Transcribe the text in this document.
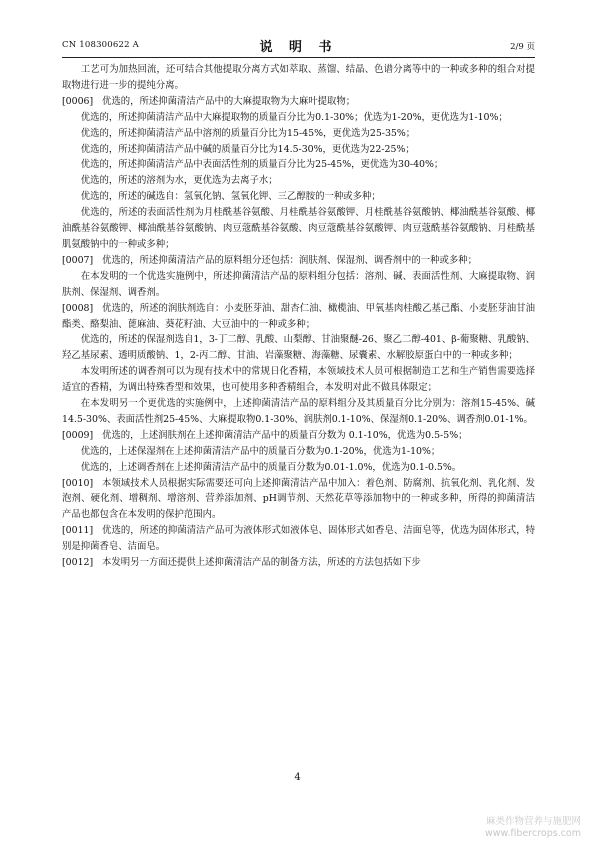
CN 108300622 A	说 明 书	2/9 页

工艺可为加热回流，还可结合其他提取分离方式如萃取、蒸馏、结晶、色谱分离等中的一种或多种的组合对提取物进行进一步的提纯分离。

[0006] 优选的，所述抑菌清洁产品中的大麻提取物为大麻叶提取物；

优选的，所述抑菌清洁产品中大麻提取物的质量百分比为0.1-30%；优选为1-20%，更优选为1-10%；

优选的，所述抑菌清洁产品中溶剂的质量百分比为15-45%，更优选为25-35%；

优选的，所述抑菌清洁产品中碱的质量百分比为14.5-30%，更优选为22-25%；

优选的，所述抑菌清洁产品中表面活性剂的质量百分比为25-45%，更优选为30-40%；

优选的，所述的溶剂为水，更优选为去离子水；

优选的，所述的碱选自：氢氧化钠、氢氧化钾、三乙醇胺的一种或多种；

优选的，所述的表面活性剂为月桂酰基谷氨酸、月桂酰基谷氨酸钾、月桂酰基谷氨酸钠、椰油酰基谷氨酸、椰油酰基谷氨酸钾、椰油酰基谷氨酸钠、肉豆蔻酰基谷氨酸、肉豆蔻酰基谷氨酸钾、肉豆蔻酰基谷氨酸钠、月桂酰基肌氨酸钠中的一种或多种；

[0007] 优选的，所述抑菌清洁产品的原料组分还包括：润肤剂、保湿剂、调香剂中的一种或多种；

在本发明的一个优选实施例中，所述抑菌清洁产品的原料组分包括：溶剂、碱、表面活性剂、大麻提取物、润肤剂、保湿剂、调香剂。

[0008] 优选的，所述的润肤剂选自：小麦胚芽油、甜杏仁油、橄榄油、甲氧基肉桂酸乙基己酯、小麦胚芽油甘油酯类、酪梨油、蓖麻油、葵花籽油、大豆油中的一种或多种；

优选的，所述的保湿剂选自1，3-丁二醇、乳酸、山梨醇、甘油聚醚-26、聚乙二醇-401、β-葡聚糖、乳酸钠、羟乙基尿素、透明质酸钠、1，2-丙二醇、甘油、岩藻聚糖、海藻糖、尿囊素、水解胶原蛋白中的一种或多种；

本发明所述的调香剂可以为现有技术中的常规日化香精，本领域技术人员可根据制造工艺和生产销售需要选择适宜的香精，为调出特殊香型和效果，也可使用多种香精组合，本发明对此不做具体限定；

在本发明另一个更优选的实施例中，上述抑菌清洁产品的原料组分及其质量百分比分别为：溶剂15-45%、碱14.5-30%、表面活性剂25-45%、大麻提取物0.1-30%、润肤剂0.1-10%、保湿剂0.1-20%、调香剂0.01-1%。

[0009] 优选的，上述润肤剂在上述抑菌清洁产品中的质量百分数为 0.1-10%，优选为0.5-5%；

优选的，上述保湿剂在上述抑菌清洁产品中的质量百分数为0.1-20%，优选为1-10%；

优选的，上述调香剂在上述抑菌清洁产品中的质量百分数为0.01-1.0%，优选为0.1-0.5%。

[0010] 本领域技术人员根据实际需要还可向上述抑菌清洁产品中加入：着色剂、防腐剂、抗氧化剂、乳化剂、发泡剂、硬化剂、增稠剂、增溶剂、营养添加剂、pH调节剂、天然花草等添加物中的一种或多种，所得的抑菌清洁产品也都包含在本发明的保护范围内。

[0011] 优选的，所述的抑菌清洁产品可为液体形式如液体皂、固体形式如香皂、洁面皂等，优选为固体形式，特别是抑菌香皂、洁面皂。

[0012] 本发明另一方面还提供上述抑菌清洁产品的制备方法，所述的方法包括如下步

4
麻类作物营养与施肥网
www.fibercrops.com
